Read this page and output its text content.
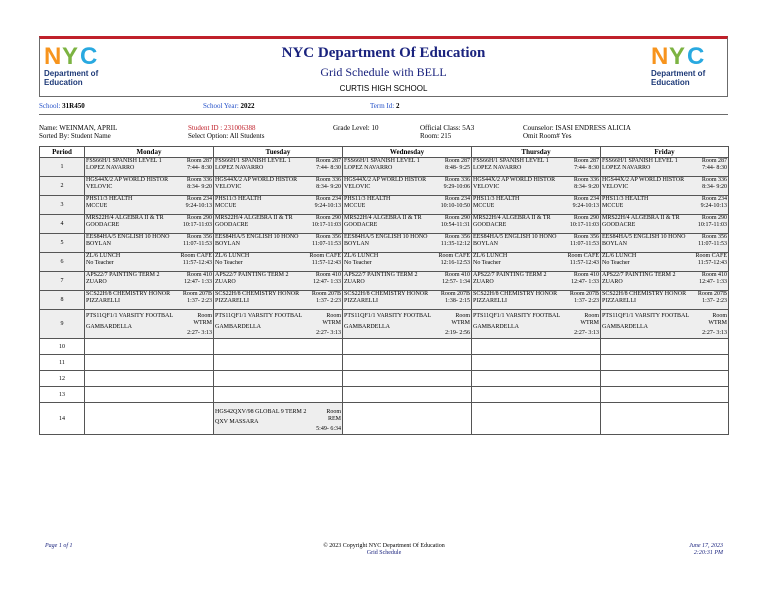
N Y C
Department of
Education
NYC Department Of Education
Grid Schedule with BELL
CURTIS HIGH SCHOOL
N Y C
Department of
Education
School: 31R450	School Year: 2022	Term Id: 2
Name: WEINMAN, APRIL
Sorted By: Student Name
Student ID : 231006388
Select Option: All Students
Grade Level: 10	Official Class: 5A3
Room: 215
Counselor: ISASI ENDRESS ALICIA
Omit Room# Yes
Period	Monday	Tuesday	Wednesday	Thursday	Friday
1	FSS66H/1 SPANISH LEVEL 1 Room 287
LOPEZ NAVARRO 7:44- 8:30	FSS66H/1 SPANISH LEVEL 1 Room 287
LOPEZ NAVARRO 7:44- 8:30	FSS66H/1 SPANISH LEVEL 1 Room 287
LOPEZ NAVARRO 8:48- 9:25	FSS66H/1 SPANISH LEVEL 1 Room 287
LOPEZ NAVARRO 7:44- 8:30	FSS66H/1 SPANISH LEVEL 1 Room 287
LOPEZ NAVARRO 7:44- 8:30

2	HGS44X/2 AP WORLD HISTOR Room 336
VELOVIC 8:34- 9:20	HGS44X/2 AP WORLD HISTOR Room 336
VELOVIC 8:34- 9:20	HGS44X/2 AP WORLD HISTOR Room 336
VELOVIC 9:29-10:06	HGS44X/2 AP WORLD HISTOR Room 336
VELOVIC 8:34- 9:20	HGS44X/2 AP WORLD HISTOR Room 336
VELOVIC 8:34- 9:20

3	PHS11/3 HEALTH Room 234
MCCUE 9:24-10:13	PHS11/3 HEALTH Room 234
MCCUE 9:24-10:13	PHS11/3 HEALTH Room 234
MCCUE 10:10-10:50	PHS11/3 HEALTH Room 234
MCCUE 9:24-10:13	PHS11/3 HEALTH Room 234
MCCUE 9:24-10:13

4	MRS22H/4 ALGEBRA II & TR Room 290
GOODACRE 10:17-11:03	MRS22H/4 ALGEBRA II & TR Room 290
GOODACRE 10:17-11:03	MRS22H/4 ALGEBRA II & TR Room 290
GOODACRE 10:54-11:31	MRS22H/4 ALGEBRA II & TR Room 290
GOODACRE 10:17-11:03	MRS22H/4 ALGEBRA II & TR Room 290
GOODACRE 10:17-11:03

5	EES84HA/5 ENGLISH 10 HONO Room 356
BOYLAN 11:07-11:53	EES84HA/5 ENGLISH 10 HONO Room 356
BOYLAN 11:07-11:53	EES84HA/5 ENGLISH 10 HONO Room 356
BOYLAN 11:35-12:12	EES84HA/5 ENGLISH 10 HONO Room 356
BOYLAN 11:07-11:53	EES84HA/5 ENGLISH 10 HONO Room 356
BOYLAN 11:07-11:53

6	ZL/6 LUNCH Room CAFE
No Teacher 11:57-12:43	ZL/6 LUNCH Room CAFE
No Teacher 11:57-12:43	ZL/6 LUNCH Room CAFE
No Teacher 12:16-12:53	ZL/6 LUNCH Room CAFE
No Teacher 11:57-12:43	ZL/6 LUNCH Room CAFE
No Teacher 11:57-12:43

7	APS22/7 PAINTING TERM 2 Room 410
ZUARO 12:47- 1:33	APS22/7 PAINTING TERM 2 Room 410
ZUARO 12:47- 1:33	APS22/7 PAINTING TERM 2 Room 410
ZUARO 12:57- 1:34	APS22/7 PAINTING TERM 2 Room 410
ZUARO 12:47- 1:33	APS22/7 PAINTING TERM 2 Room 410
ZUARO 12:47- 1:33

8	SCS22H/8 CHEMISTRY HONOR Room 207B
PIZZARELLI 1:37- 2:23	SCS22H/8 CHEMISTRY HONOR Room 207B
PIZZARELLI 1:37- 2:23	SCS22H/8 CHEMISTRY HONOR Room 207B
PIZZARELLI 1:38- 2:15	SCS22H/8 CHEMISTRY HONOR Room 207B
PIZZARELLI 1:37- 2:23	SCS22H/8 CHEMISTRY HONOR Room 207B
PIZZARELLI 1:37- 2:23

9	PTS11QF1/1 VARSITY FOOTBAL Room WTRM
GAMBARDELLA
2:27- 3:13	PTS11QF1/1 VARSITY FOOTBAL Room WTRM
GAMBARDELLA
2:27- 3:13	PTS11QF1/1 VARSITY FOOTBAL Room WTRM
GAMBARDELLA
2:19- 2:56	PTS11QF1/1 VARSITY FOOTBAL Room WTRM
GAMBARDELLA
2:27- 3:13	PTS11QF1/1 VARSITY FOOTBAL Room WTRM
GAMBARDELLA
2:27- 3:13

10					
11					
12					
13					
14		HGS42QXV/98 GLOBAL 9 TERM 2 Room REM
QXV MASSARA
5:49- 6:34			

Page 1 of 1	© 2023 Copyright NYC Department Of Education
Grid Schedule
June 17, 2023
2:20:31 PM
